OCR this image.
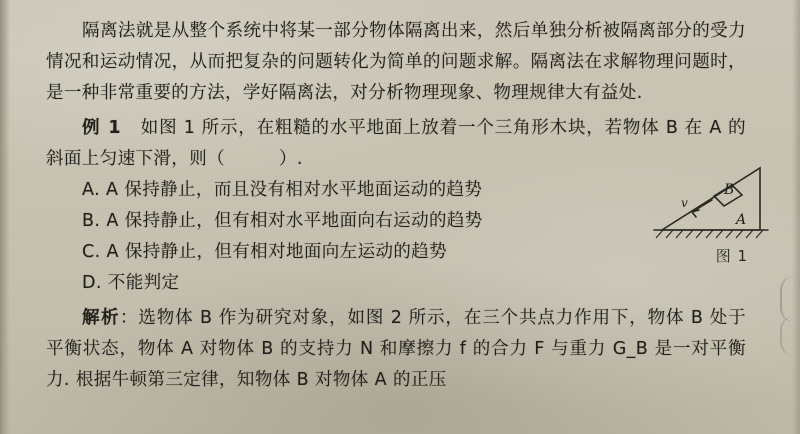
隔离法就是从整个系统中将某一部分物体隔离出来，然后单独分析被隔离部分的受力情况和运动情况，从而把复杂的问题转化为简单的问题求解。隔离法在求解物理问题时，是一种非常重要的方法，学好隔离法，对分析物理现象、物理规律大有益处.

例 1 如图 1 所示，在粗糙的水平地面上放着一个三角形木块，若物体 B 在 A 的斜面上匀速下滑，则（	）.

A. A 保持静止，而且没有相对水平地面运动的趋势

B. A 保持静止，但有相对水平地面向右运动的趋势

C. A 保持静止，但有相对地面向左运动的趋势

D. 不能判定

解析：选物体 B 作为研究对象，如图 2 所示，在三个共点力作用下，物体 B 处于平衡状态，物体 A 对物体 B 的支持力 N 和摩擦力 f 的合力 F 与重力 G_B 是一对平衡力. 根据牛顿第三定律，知物体 B 对物体 A 的正压

v
B
A
图 1
